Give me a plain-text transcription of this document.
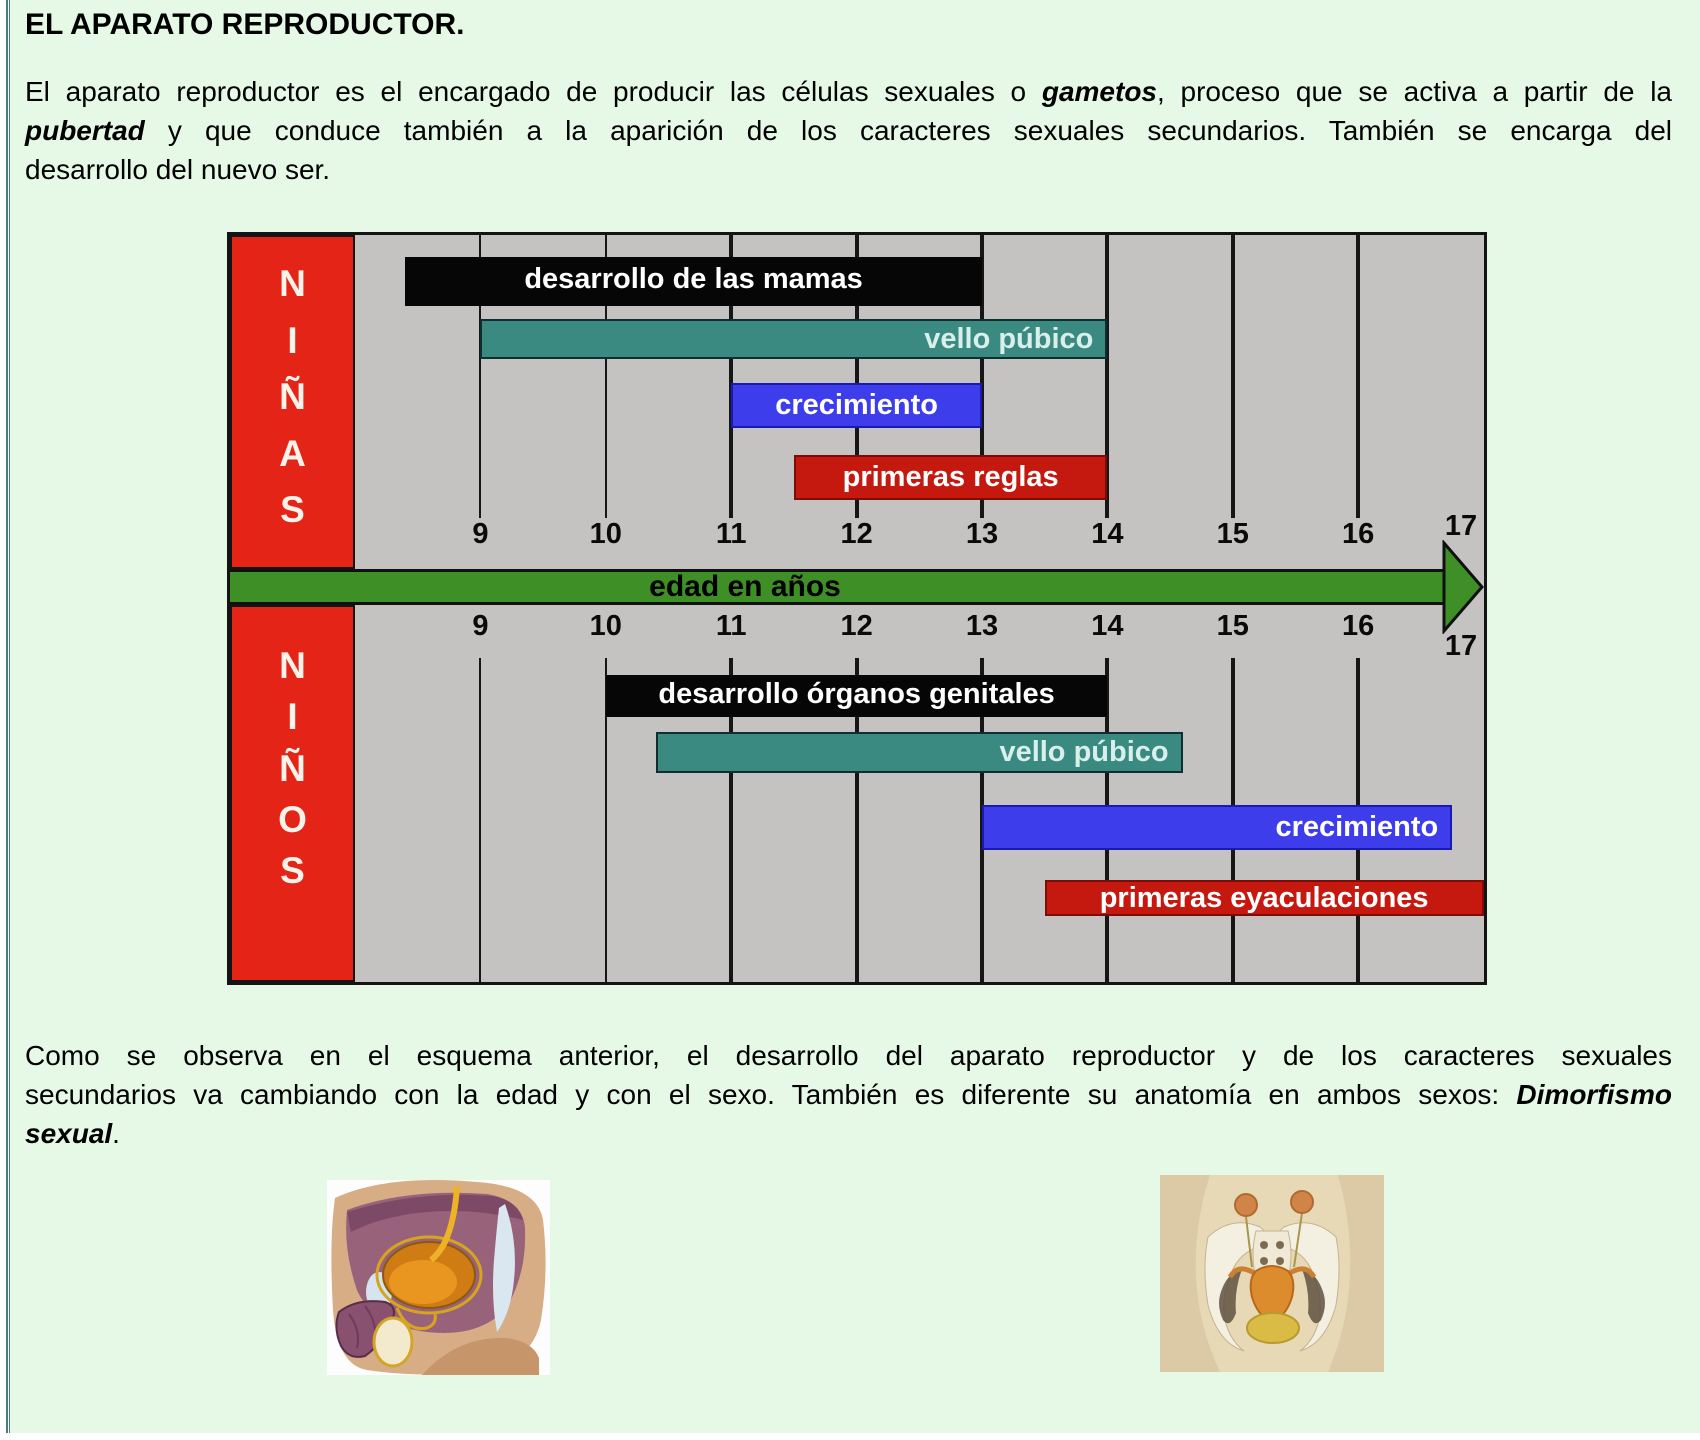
EL APARATO REPRODUCTOR.
El aparato reproductor es el encargado de producir las células sexuales o gametos, proceso que se activa a partir de la
pubertad y que conduce también a la aparición de los caracteres sexuales secundarios. También se encarga del
desarrollo del nuevo ser.
9	10	11	12	13	14	15	16 17
9	10	11	12	13	14	15	16
17
desarrollo de las mamas
vello púbico
crecimiento
primeras reglas
desarrollo órganos genitales
vello púbico
crecimiento
primeras eyaculaciones
N
I
Ñ
A
S
N
I
Ñ
O
S
edad en años
Como se observa en el esquema anterior, el desarrollo del aparato reproductor y de los caracteres sexuales
secundarios va cambiando con la edad y con el sexo. También es diferente su anatomía en ambos sexos: Dimorfismo
sexual.
